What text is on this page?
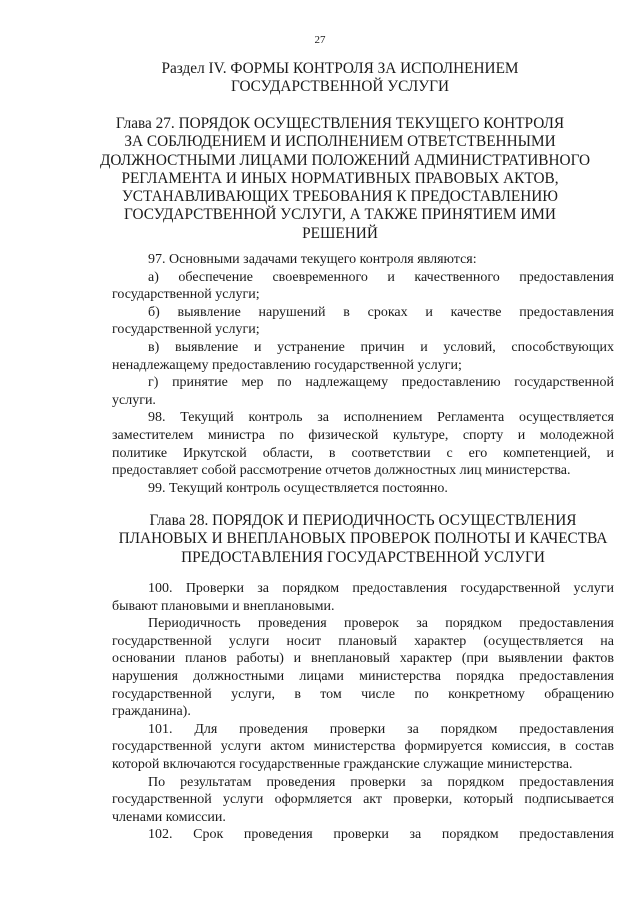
27
Раздел IV. ФОРМЫ КОНТРОЛЯ ЗА ИСПОЛНЕНИЕМ
ГОСУДАРСТВЕННОЙ УСЛУГИ
Глава 27. ПОРЯДОК ОСУЩЕСТВЛЕНИЯ ТЕКУЩЕГО КОНТРОЛЯ
ЗА СОБЛЮДЕНИЕМ И ИСПОЛНЕНИЕМ ОТВЕТСТВЕННЫМИ
ДОЛЖНОСТНЫМИ ЛИЦАМИ ПОЛОЖЕНИЙ АДМИНИСТРАТИВНОГО
РЕГЛАМЕНТА И ИНЫХ НОРМАТИВНЫХ ПРАВОВЫХ АКТОВ,
УСТАНАВЛИВАЮЩИХ ТРЕБОВАНИЯ К ПРЕДОСТАВЛЕНИЮ
ГОСУДАРСТВЕННОЙ УСЛУГИ, А ТАКЖЕ ПРИНЯТИЕМ ИМИ
РЕШЕНИЙ
97. Основными задачами текущего контроля являются:
а) обеспечение своевременного и качественного предоставления
государственной услуги;
б) выявление нарушений в сроках и качестве предоставления
государственной услуги;
в) выявление и устранение причин и условий, способствующих
ненадлежащему предоставлению государственной услуги;
г) принятие мер по надлежащему предоставлению государственной
услуги.
98. Текущий контроль за исполнением Регламента осуществляется
заместителем министра по физической культуре, спорту и молодежной
политике Иркутской области, в соответствии с его компетенцией, и
предоставляет собой рассмотрение отчетов должностных лиц министерства.
99. Текущий контроль осуществляется постоянно.
Глава 28. ПОРЯДОК И ПЕРИОДИЧНОСТЬ ОСУЩЕСТВЛЕНИЯ
ПЛАНОВЫХ И ВНЕПЛАНОВЫХ ПРОВЕРОК ПОЛНОТЫ И КАЧЕСТВА
ПРЕДОСТАВЛЕНИЯ ГОСУДАРСТВЕННОЙ УСЛУГИ
100. Проверки за порядком предоставления государственной услуги
бывают плановыми и внеплановыми.
Периодичность проведения проверок за порядком предоставления
государственной услуги носит плановый характер (осуществляется на
основании планов работы) и внеплановый характер (при выявлении фактов
нарушения должностными лицами министерства порядка предоставления
государственной услуги, в том числе по конкретному обращению
гражданина).
101. Для проведения проверки за порядком предоставления
государственной услуги актом министерства формируется комиссия, в состав
которой включаются государственные гражданские служащие министерства.
По результатам проведения проверки за порядком предоставления
государственной услуги оформляется акт проверки, который подписывается
членами комиссии.
102. Срок проведения проверки за порядком предоставления
